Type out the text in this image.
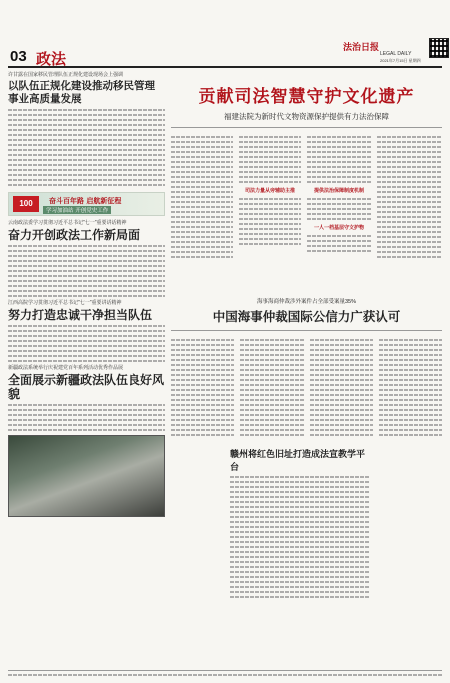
03 政法
法治日报
LEGAL DAILY
2021年7月15日 星期四
许甘露在国家移民管理队伍正规化建设现场会上强调
以队伍正规化建设推动移民管理事业高质量发展
100	奋斗百年路 启航新征程
学习加油站 开创党史工作
云南政法委学习贯彻习近平总书记"七一"重要讲话精神
奋力开创政法工作新局面
江西高院学习贯彻习近平总书记"七一"重要讲话精神
努力打造忠诚干净担当队伍
新疆政法系统举行庆祝建党百年系列活动优秀作品展
全面展示新疆政法队伍良好风貌
贡献司法智慧守护文化遗产
福建法院为新时代文物资源保护提供有力法治保障
司法力量从旁辅助主推	提供法治保障制度机制
一人一档基层守文护物
海事海商仲裁涉外案件占全部受案量35%
中国海事仲裁国际公信力广获认可
赣州将红色旧址打造成法宣教学平台
